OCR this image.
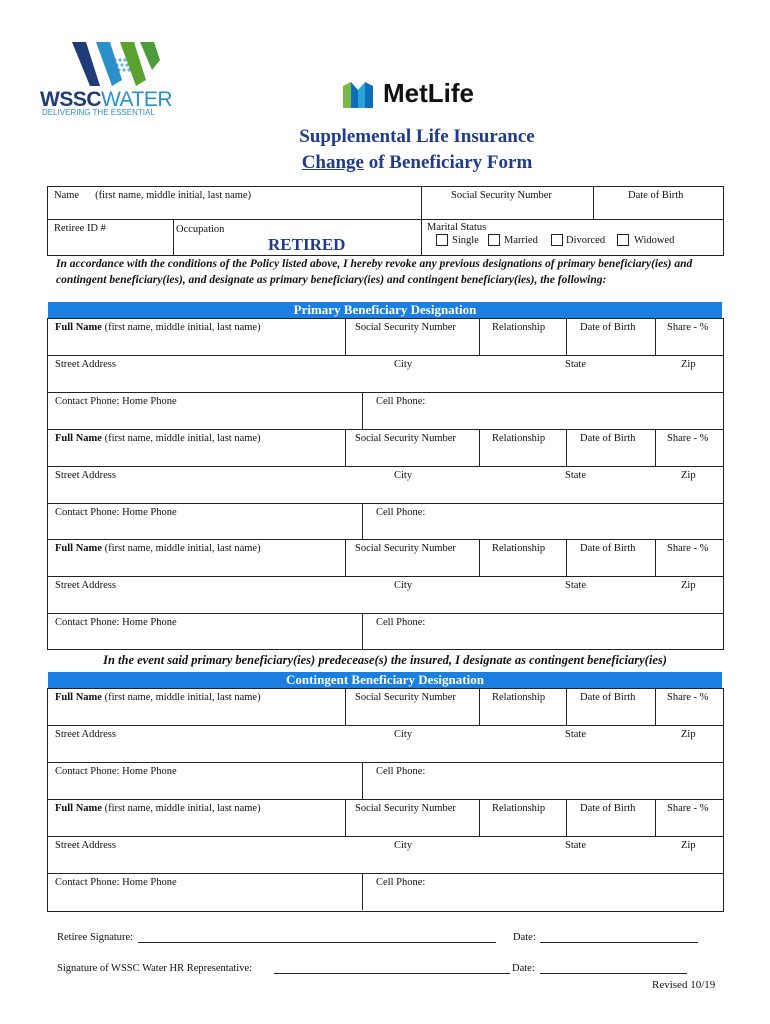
WSSCWATER
DELIVERING THE ESSENTIAL
MetLife
Supplemental Life Insurance
Change of Beneficiary Form
Name (first name, middle initial, last name)	Social Security Number	Date of Birth
Retiree ID #	Occupation
RETIRED
Marital Status
Single Married	Divorced	Widowed
In accordance with the conditions of the Policy listed above, I hereby revoke any previous designations of primary beneficiary(ies) and contingent beneficiary(ies), and designate as primary beneficiary(ies) and contingent beneficiary(ies), the following:
Primary Beneficiary Designation
Full Name (first name, middle initial, last name)	Social Security Number	Relationship	Date of Birth	Share - %
Street Address	City	State	Zip
Contact Phone: Home Phone	Cell Phone:
Full Name (first name, middle initial, last name)	Social Security Number	Relationship	Date of Birth	Share - %
Street Address	City	State	Zip
Contact Phone: Home Phone	Cell Phone:
Full Name (first name, middle initial, last name)	Social Security Number	Relationship	Date of Birth	Share - %
Street Address	City	State	Zip
Contact Phone: Home Phone	Cell Phone:
In the event said primary beneficiary(ies) predecease(s) the insured, I designate as contingent beneficiary(ies)
Contingent Beneficiary Designation
Full Name (first name, middle initial, last name)	Social Security Number	Relationship	Date of Birth	Share - %
Street Address	City	State	Zip
Contact Phone: Home Phone	Cell Phone:
Full Name (first name, middle initial, last name)	Social Security Number	Relationship	Date of Birth	Share - %
Street Address	City	State	Zip
Contact Phone: Home Phone	Cell Phone:
Retiree Signature:	Date:
Signature of WSSC Water HR Representative:	Date:
Revised 10/19
